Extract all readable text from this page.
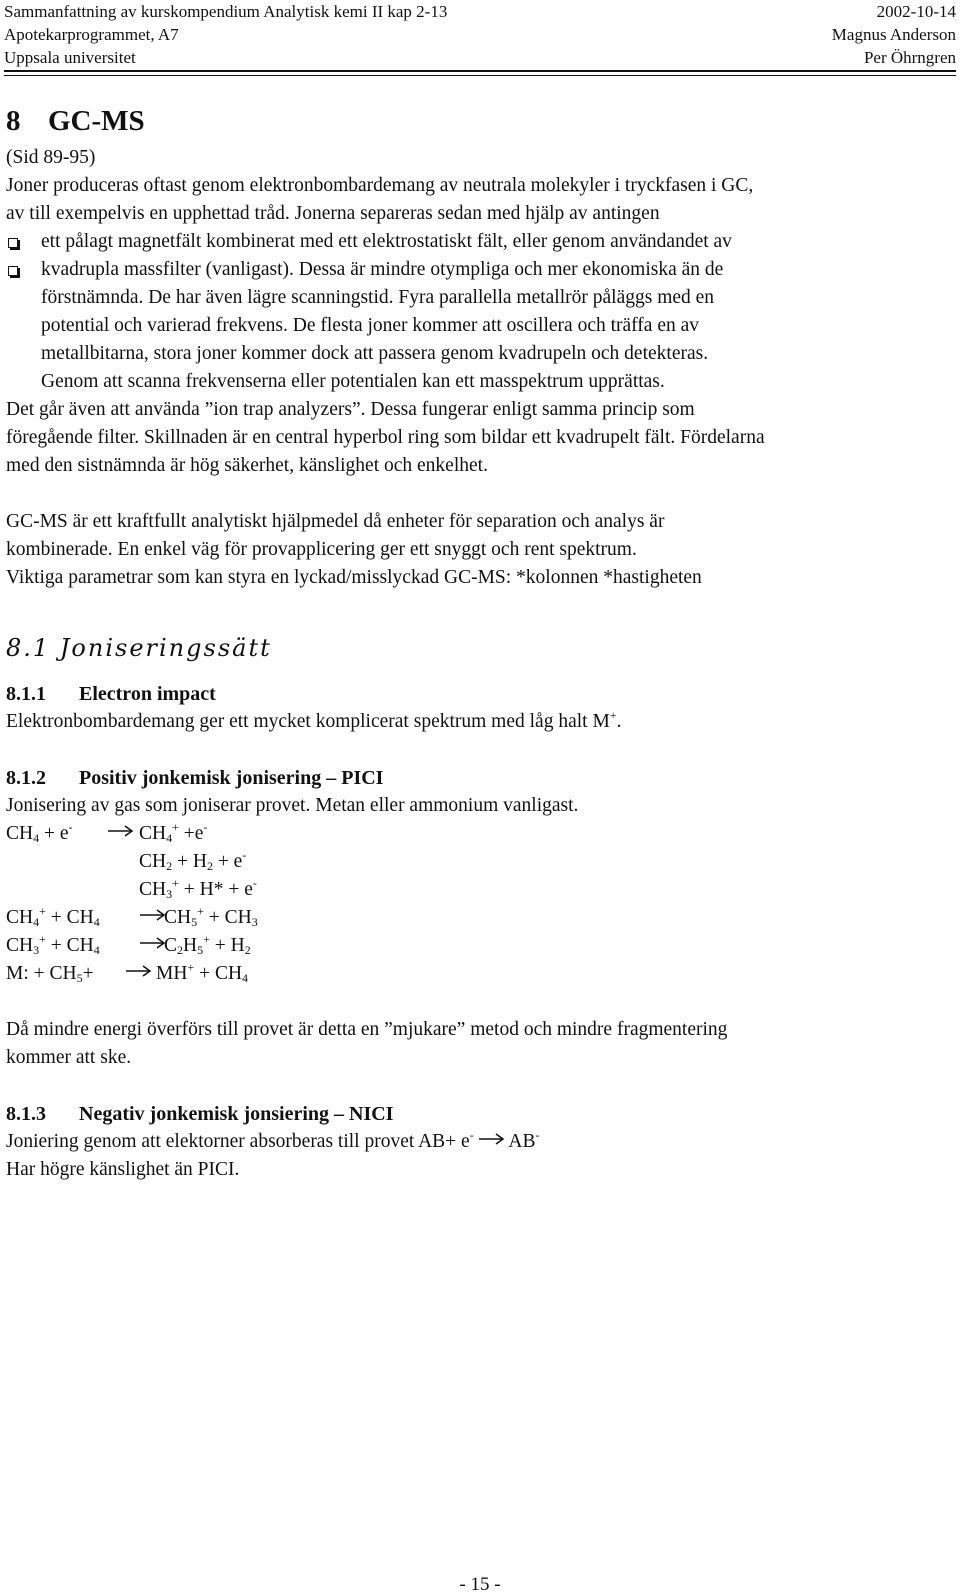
Sammanfattning av kurskompendium Analytisk kemi II kap 2-13	2002-10-14
Apotekarprogrammet, A7	Magnus Anderson
Uppsala universitet	Per Öhrngren
8 GC-MS

(Sid 89-95)

Joner produceras oftast genom elektronbombardemang av neutrala molekyler i tryckfasen i GC,

av till exempelvis en upphettad tråd. Jonerna separeras sedan med hjälp av antingen

ett pålagt magnetfält kombinerat med ett elektrostatiskt fält, eller genom användandet av
kvadrupla massfilter (vanligast). Dessa är mindre otympliga och mer ekonomiska än de

förstnämnda. De har även lägre scanningstid. Fyra parallella metallrör påläggs med en

potential och varierad frekvens. De flesta joner kommer att oscillera och träffa en av

metallbitarna, stora joner kommer dock att passera genom kvadrupeln och detekteras.

Genom att scanna frekvenserna eller potentialen kan ett masspektrum upprättas.

Det går även att använda ”ion trap analyzers”. Dessa fungerar enligt samma princip som

föregående filter. Skillnaden är en central hyperbol ring som bildar ett kvadrupelt fält. Fördelarna

med den sistnämnda är hög säkerhet, känslighet och enkelhet.

GC-MS är ett kraftfullt analytiskt hjälpmedel då enheter för separation och analys är

kombinerade. En enkel väg för provapplicering ger ett snyggt och rent spektrum.

Viktiga parametrar som kan styra en lyckad/misslyckad GC-MS: *kolonnen *hastigheten

8.1 Joniseringssätt
8.1.1 Electron impact

Elektronbombardemang ger ett mycket komplicerat spektrum med låg halt M+.

8.1.2 Positiv jonkemisk jonisering – PICI

Jonisering av gas som joniserar provet. Metan eller ammonium vanligast.

$CH_4 + e^-$	$CH_4^+ +e^-$
$CH_2 + H_2 + e^-$
$CH_3^+ + H* + e^-$
$CH_4^+ + CH_4$	$CH_5^+ + CH_3$
$CH_3^+ + CH_4$	$C_2H_5^+ + H_2$
M: + $CH_5+$	$MH^+ + CH_4$

Då mindre energi överförs till provet är detta en ”mjukare” metod och mindre fragmentering

kommer att ske.

8.1.3 Negativ jonkemisk jonsiering – NICI

Joniering genom att elektorner absorberas till provet AB+ e- AB-

Har högre känslighet än PICI.

- 15 -
